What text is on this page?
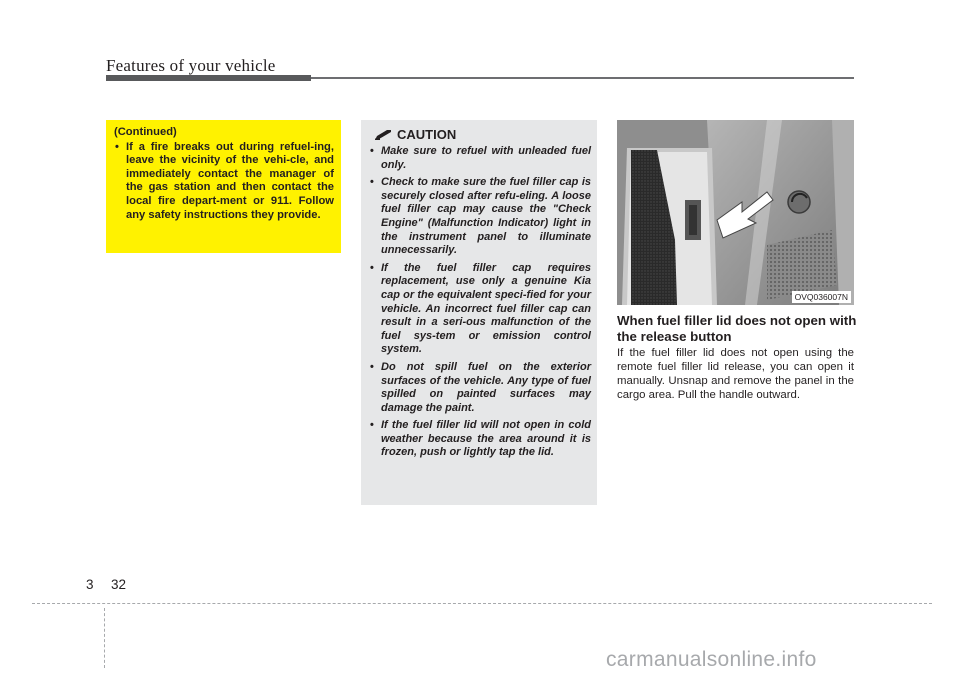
Features of your vehicle
(Continued)
• If a fire breaks out during refuel-ing, leave the vicinity of the vehi-cle, and immediately contact the manager of the gas station and then contact the local fire depart-ment or 911. Follow any safety instructions they provide.
CAUTION
• Make sure to refuel with unleaded fuel only.
• Check to make sure the fuel filler cap is securely closed after refu-eling. A loose fuel filler cap may cause the "Check Engine" (Malfunction Indicator) light in the instrument panel to illuminate unnecessarily.
• If the fuel filler cap requires replacement, use only a genuine Kia cap or the equivalent speci-fied for your vehicle. An incorrect fuel filler cap can result in a seri-ous malfunction of the fuel sys-tem or emission control system.
• Do not spill fuel on the exterior surfaces of the vehicle. Any type of fuel spilled on painted surfaces may damage the paint.
• If the fuel filler lid will not open in cold weather because the area around it is frozen, push or lightly tap the lid.
OVQ036007N
When fuel filler lid does not open with the release button
If the fuel filler lid does not open using the remote fuel filler lid release, you can open it manually. Unsnap and remove the panel in the cargo area. Pull the handle outward.
3 32
carmanualsonline.info
